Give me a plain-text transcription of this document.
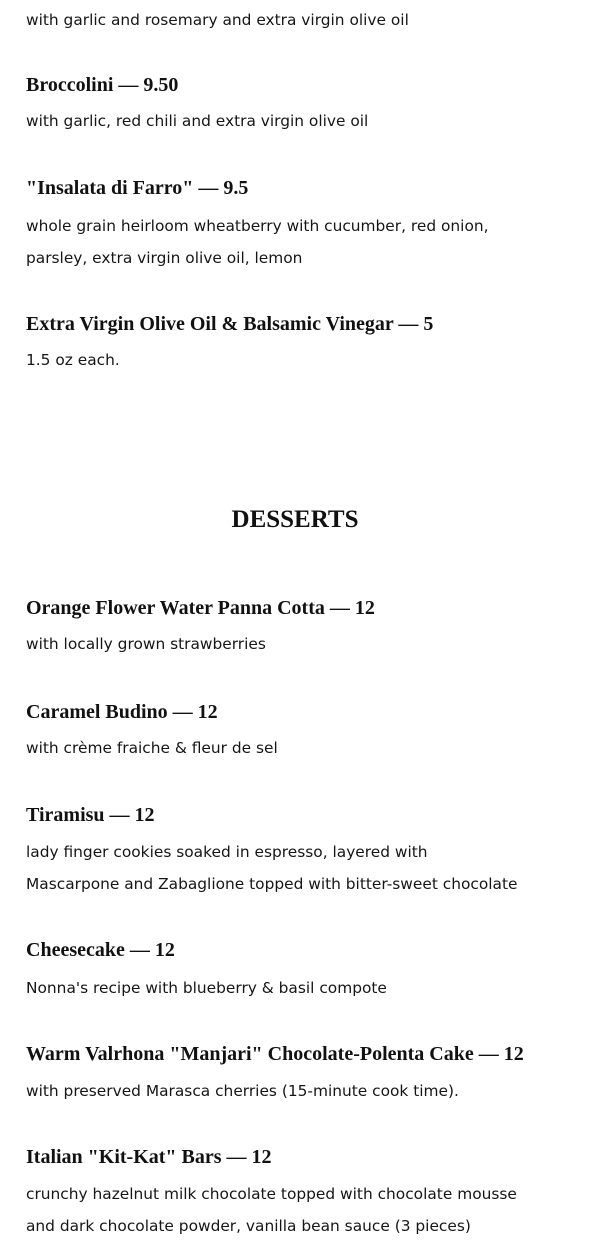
with garlic and rosemary and extra virgin olive oil

Broccolini — 9.50

with garlic, red chili and extra virgin olive oil

"Insalata di Farro" — 9.5

whole grain heirloom wheatberry with cucumber, red onion,

parsley, extra virgin olive oil, lemon

Extra Virgin Olive Oil & Balsamic Vinegar — 5

1.5 oz each.

DESSERTS
Orange Flower Water Panna Cotta — 12

with locally grown strawberries

Caramel Budino — 12

with crème fraiche & fleur de sel

Tiramisu — 12

lady finger cookies soaked in espresso, layered with

Mascarpone and Zabaglione topped with bitter-sweet chocolate

Cheesecake — 12

Nonna's recipe with blueberry & basil compote

Warm Valrhona "Manjari" Chocolate-Polenta Cake — 12

with preserved Marasca cherries (15-minute cook time).

Italian "Kit-Kat" Bars — 12

crunchy hazelnut milk chocolate topped with chocolate mousse

and dark chocolate powder, vanilla bean sauce (3 pieces)
